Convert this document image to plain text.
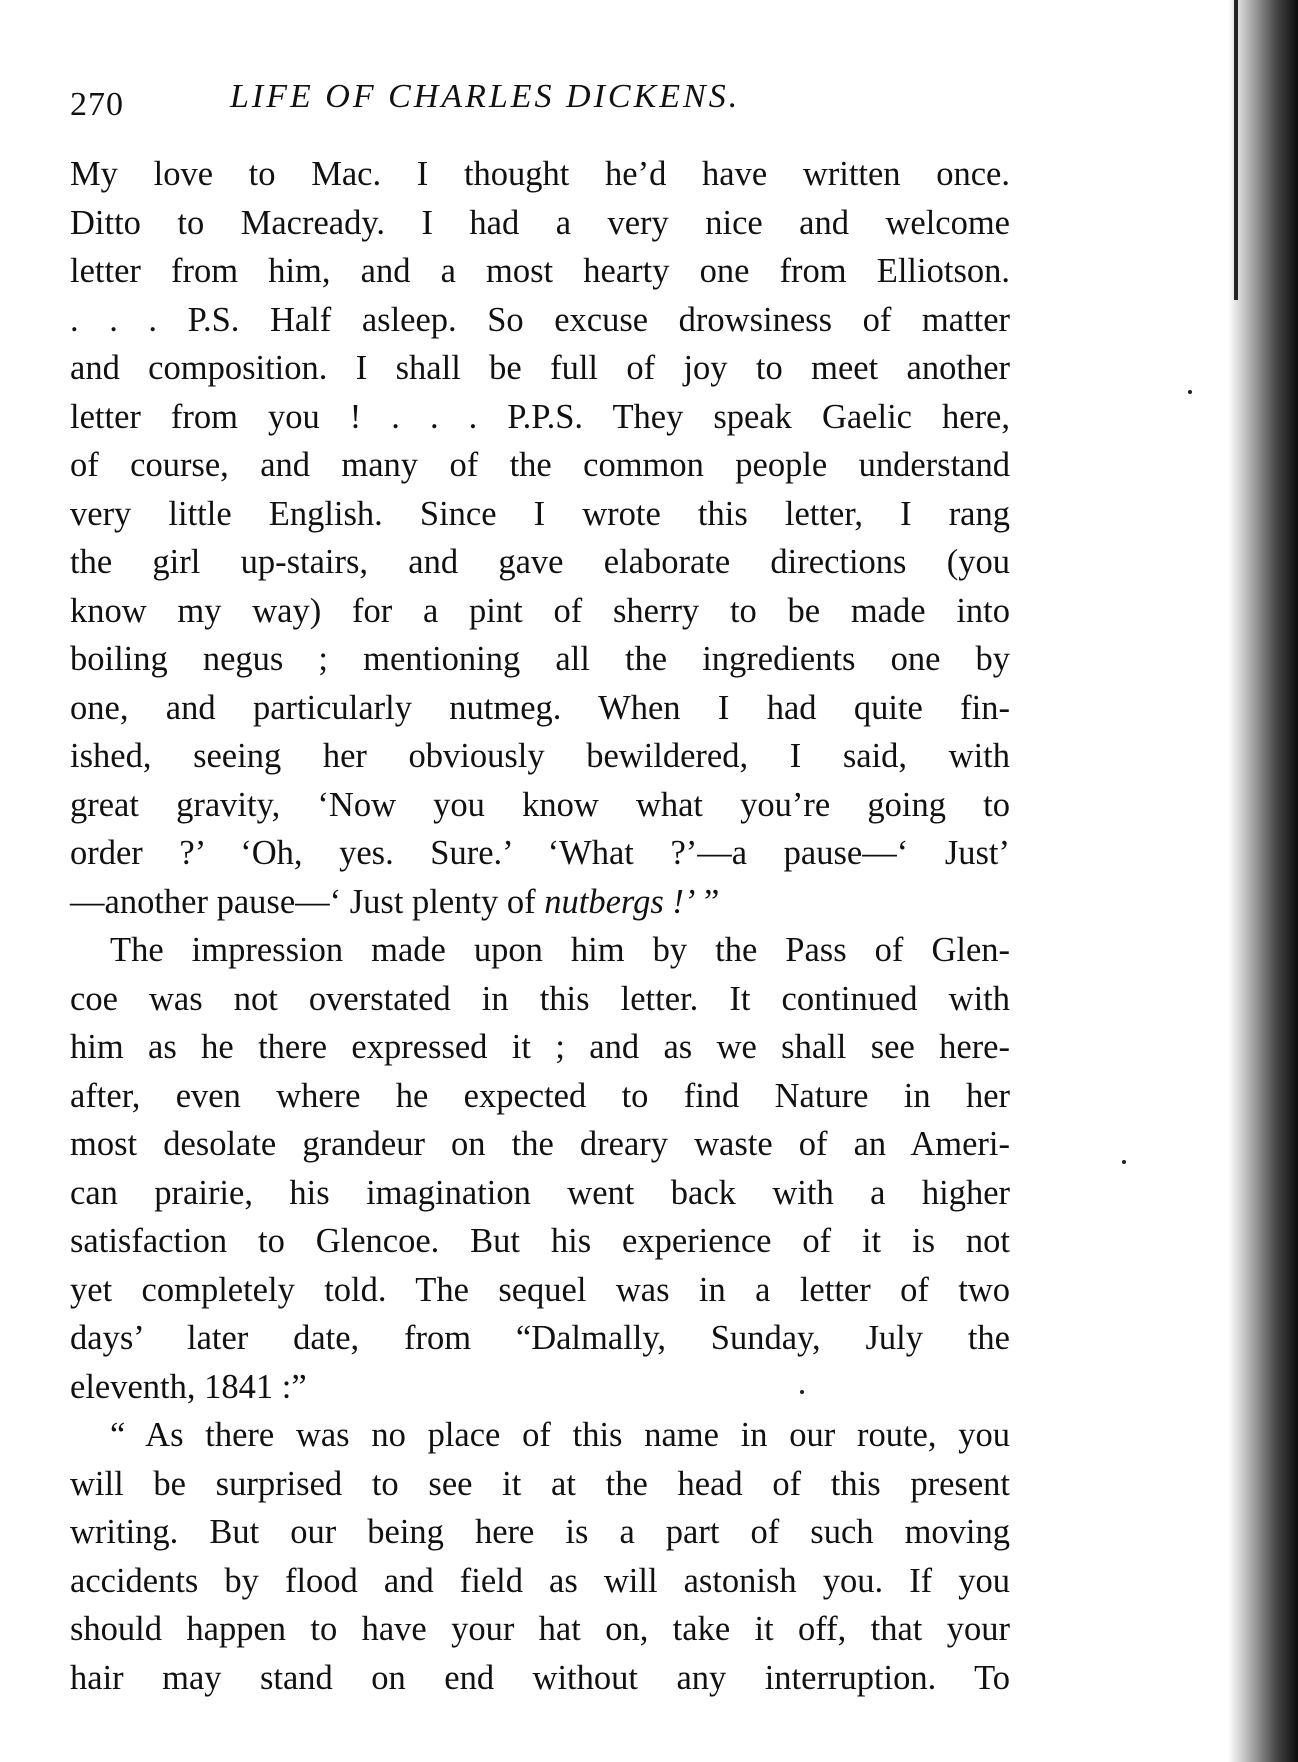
270	LIFE OF CHARLES DICKENS.
My love to Mac. I thought he’d have written once.
Ditto to Macready. I had a very nice and welcome
letter from him, and a most hearty one from Elliotson.
. . . P.S. Half asleep. So excuse drowsiness of matter
and composition. I shall be full of joy to meet another
letter from you ! . . . P.P.S. They speak Gaelic here,
of course, and many of the common people understand
very little English. Since I wrote this letter, I rang
the girl up-stairs, and gave elaborate directions (you
know my way) for a pint of sherry to be made into
boiling negus ; mentioning all the ingredients one by
one, and particularly nutmeg. When I had quite fin-
ished, seeing her obviously bewildered, I said, with
great gravity, ‘Now you know what you’re going to
order ?’ ‘Oh, yes. Sure.’ ‘What ?’—a pause—‘ Just’
—another pause—‘ Just plenty of nutbergs !’ ”
The impression made upon him by the Pass of Glen-
coe was not overstated in this letter. It continued with
him as he there expressed it ; and as we shall see here-
after, even where he expected to find Nature in her
most desolate grandeur on the dreary waste of an Ameri-
can prairie, his imagination went back with a higher
satisfaction to Glencoe. But his experience of it is not
yet completely told. The sequel was in a letter of two
days’ later date, from “Dalmally, Sunday, July the
eleventh, 1841 :”
“ As there was no place of this name in our route, you
will be surprised to see it at the head of this present
writing. But our being here is a part of such moving
accidents by flood and field as will astonish you. If you
should happen to have your hat on, take it off, that your
hair may stand on end without any interruption. To
